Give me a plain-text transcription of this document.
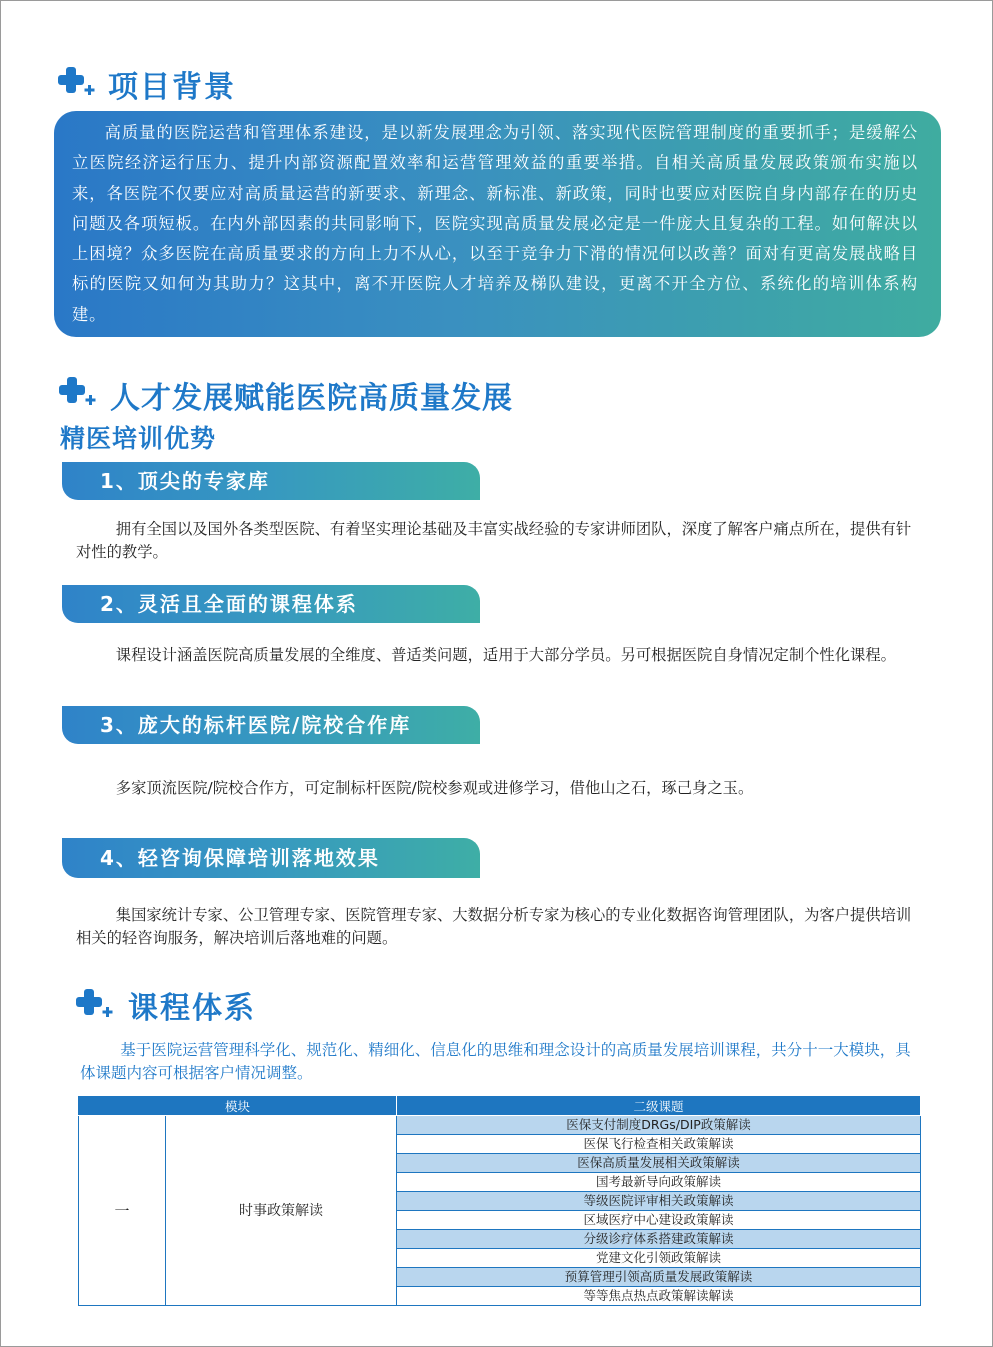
项目背景
高质量的医院运营和管理体系建设，是以新发展理念为引领、落实现代医院管理制度的重要抓手；是缓解公立医院经济运行压力、提升内部资源配置效率和运营管理效益的重要举措。自相关高质量发展政策颁布实施以来，各医院不仅要应对高质量运营的新要求、新理念、新标准、新政策，同时也要应对医院自身内部存在的历史问题及各项短板。在内外部因素的共同影响下，医院实现高质量发展必定是一件庞大且复杂的工程。如何解决以上困境？众多医院在高质量要求的方向上力不从心，以至于竞争力下滑的情况何以改善？面对有更高发展战略目标的医院又如何为其助力？这其中，离不开医院人才培养及梯队建设，更离不开全方位、系统化的培训体系构建。
人才发展赋能医院高质量发展
精医培训优势
1、顶尖的专家库
拥有全国以及国外各类型医院、有着坚实理论基础及丰富实战经验的专家讲师团队，深度了解客户痛点所在，提供有针对性的教学。
2、灵活且全面的课程体系
课程设计涵盖医院高质量发展的全维度、普适类问题，适用于大部分学员。另可根据医院自身情况定制个性化课程。
3、庞大的标杆医院/院校合作库
多家顶流医院/院校合作方，可定制标杆医院/院校参观或进修学习，借他山之石，琢己身之玉。
4、轻咨询保障培训落地效果
集国家统计专家、公卫管理专家、医院管理专家、大数据分析专家为核心的专业化数据咨询管理团队，为客户提供培训相关的轻咨询服务，解决培训后落地难的问题。
课程体系
基于医院运营管理科学化、规范化、精细化、信息化的思维和理念设计的高质量发展培训课程，共分十一大模块，具体课题内容可根据客户情况调整。
模块		二级课题
一	时事政策解读	医保支付制度DRGs/DIP政策解读
		医保飞行检查相关政策解读
		医保高质量发展相关政策解读
		国考最新导向政策解读
		等级医院评审相关政策解读
		区域医疗中心建设政策解读
		分级诊疗体系搭建政策解读
		党建文化引领政策解读
		预算管理引领高质量发展政策解读
		等等焦点热点政策解读解读
